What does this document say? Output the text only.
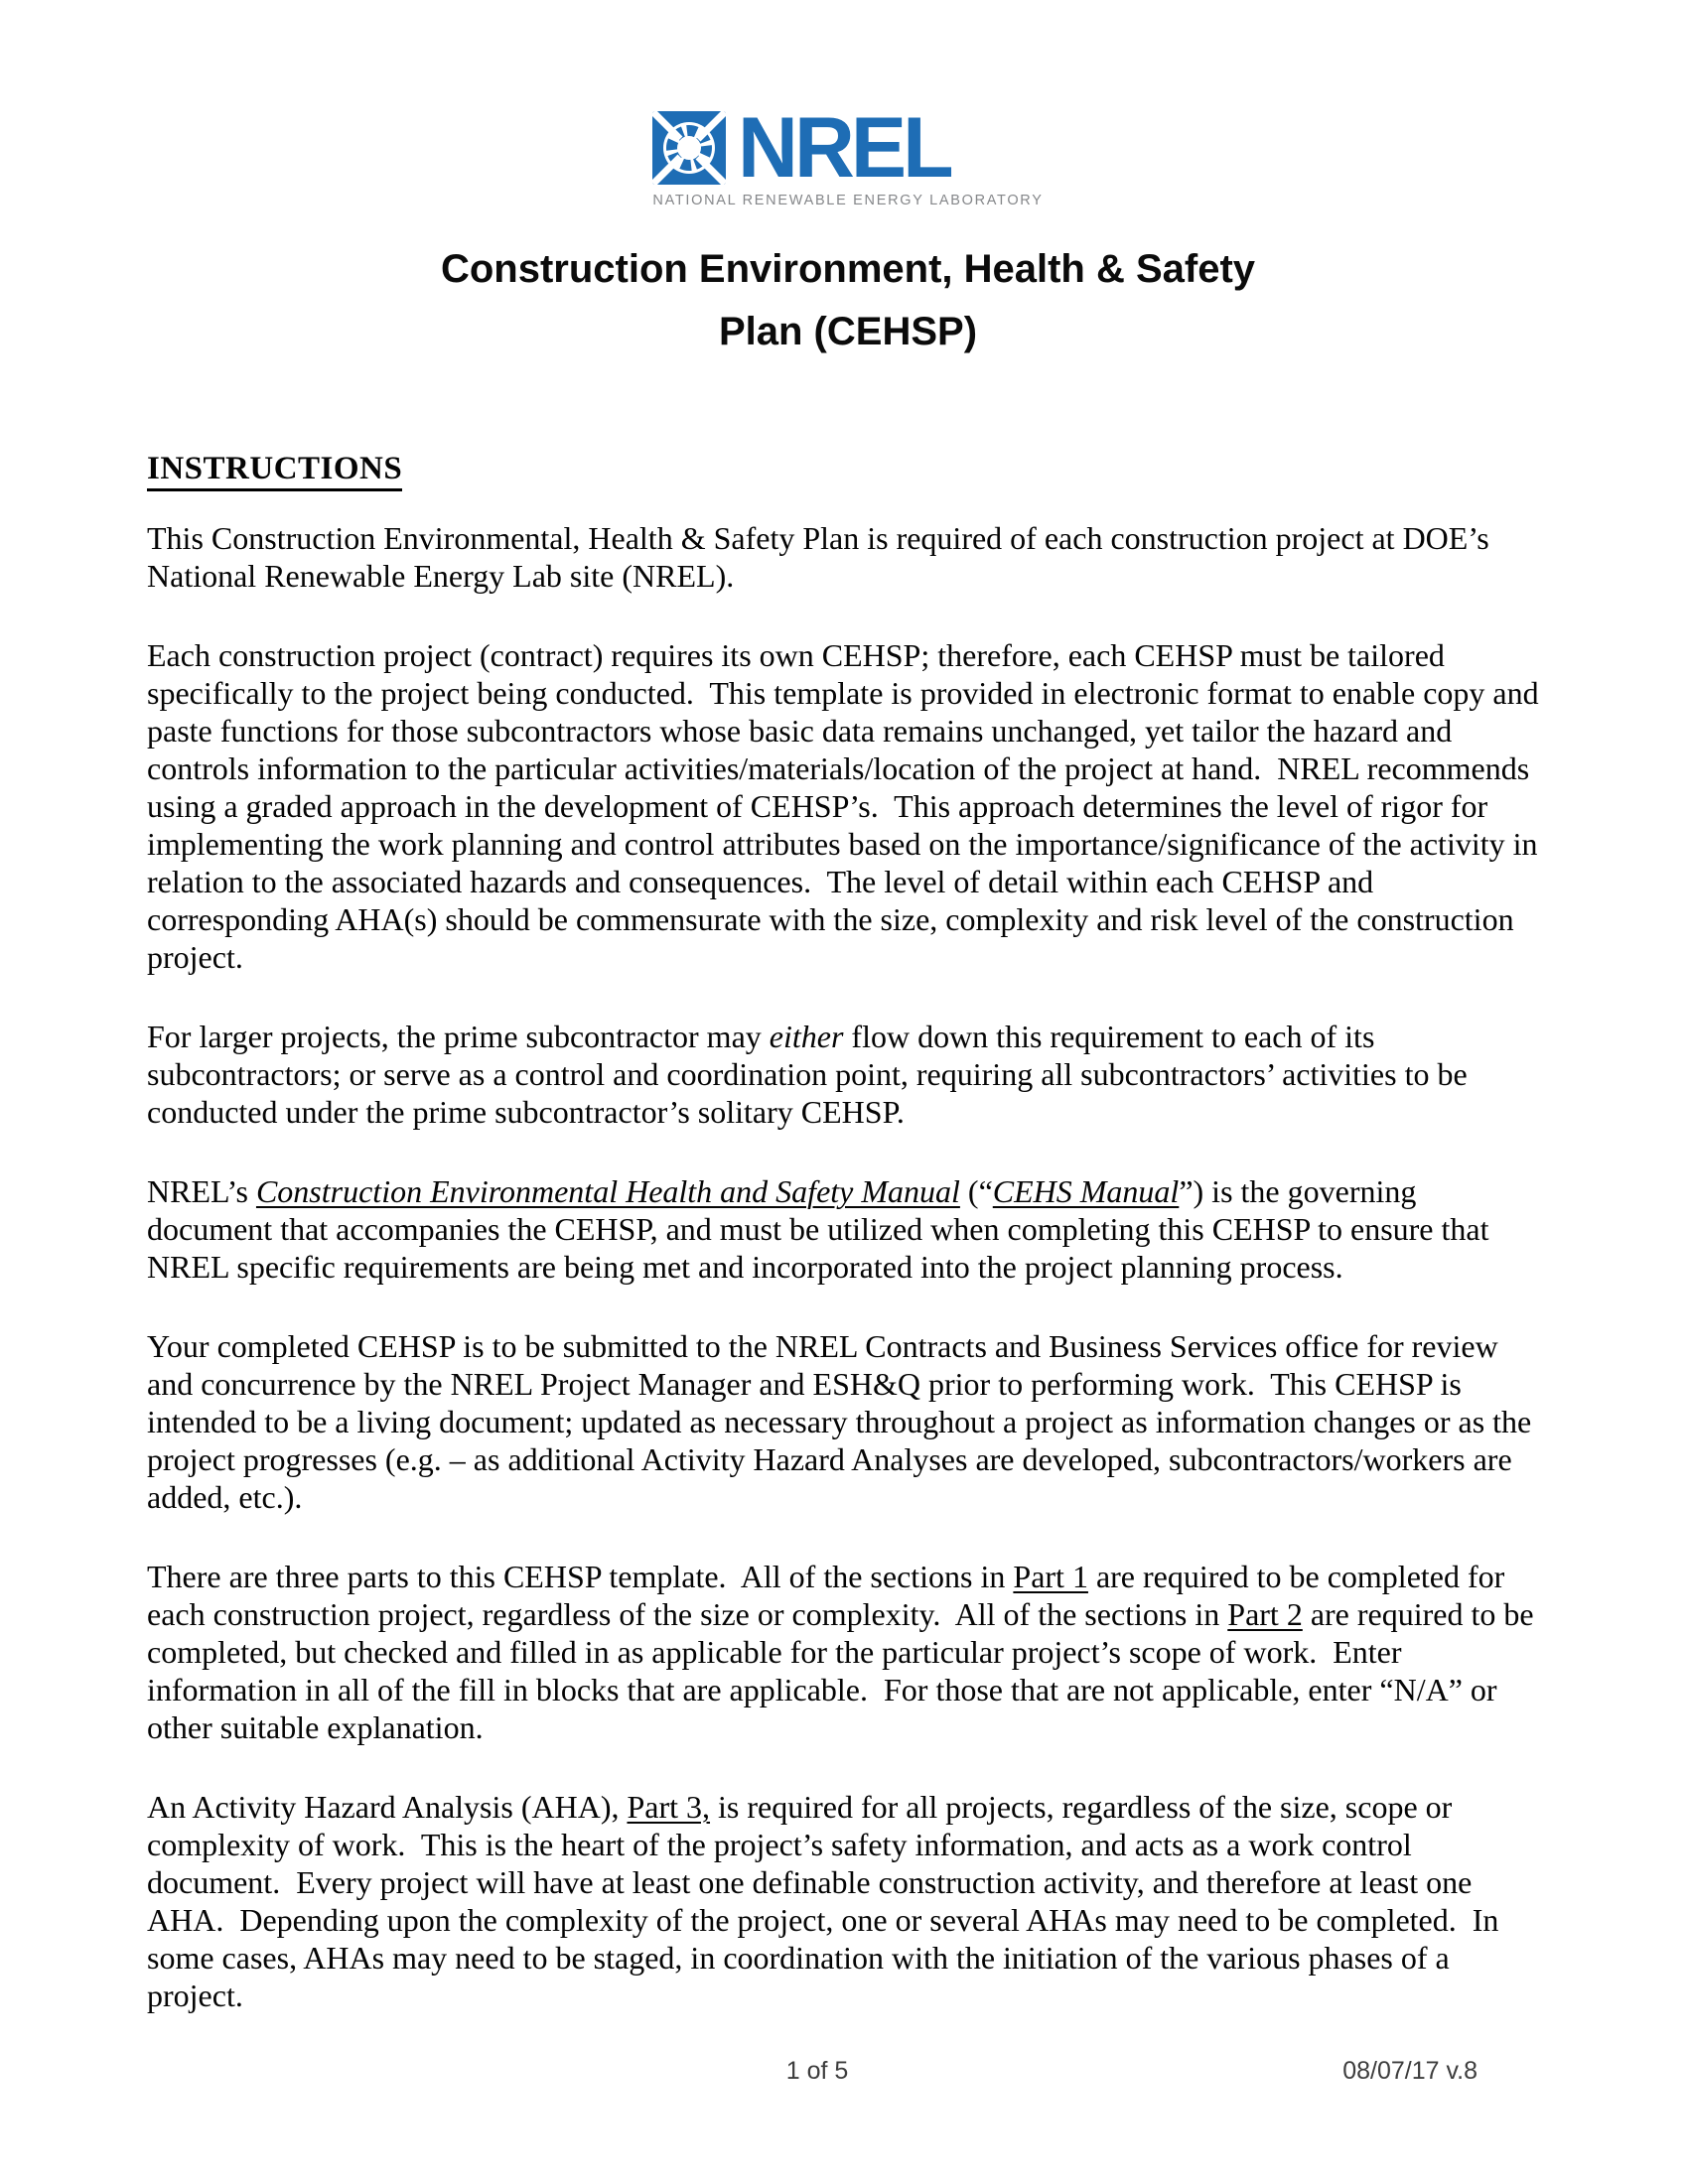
NREL
NATIONAL RENEWABLE ENERGY LABORATORY
Construction Environment, Health & Safety
Plan (CEHSP)
INSTRUCTIONS

This Construction Environmental, Health & Safety Plan is required of each construction project at DOE’s National Renewable Energy Lab site (NREL).

Each construction project (contract) requires its own CEHSP; therefore, each CEHSP must be tailored specifically to the project being conducted.  This template is provided in electronic format to enable copy and paste functions for those subcontractors whose basic data remains unchanged, yet tailor the hazard and controls information to the particular activities/materials/location of the project at hand.  NREL recommends using a graded approach in the development of CEHSP’s.  This approach determines the level of rigor for implementing the work planning and control attributes based on the importance/significance of the activity in relation to the associated hazards and consequences.  The level of detail within each CEHSP and corresponding AHA(s) should be commensurate with the size, complexity and risk level of the construction project.

For larger projects, the prime subcontractor may either flow down this requirement to each of its subcontractors; or serve as a control and coordination point, requiring all subcontractors’ activities to be conducted under the prime subcontractor’s solitary CEHSP.

NREL’s Construction Environmental Health and Safety Manual (“CEHS Manual”) is the governing document that accompanies the CEHSP, and must be utilized when completing this CEHSP to ensure that NREL specific requirements are being met and incorporated into the project planning process.

Your completed CEHSP is to be submitted to the NREL Contracts and Business Services office for review and concurrence by the NREL Project Manager and ESH&Q prior to performing work.  This CEHSP is intended to be a living document; updated as necessary throughout a project as information changes or as the project progresses (e.g. – as additional Activity Hazard Analyses are developed, subcontractors/workers are added, etc.).

There are three parts to this CEHSP template.  All of the sections in Part 1 are required to be completed for each construction project, regardless of the size or complexity.  All of the sections in Part 2 are required to be completed, but checked and filled in as applicable for the particular project’s scope of work.  Enter information in all of the fill in blocks that are applicable.  For those that are not applicable, enter “N/A” or other suitable explanation.

An Activity Hazard Analysis (AHA), Part 3, is required for all projects, regardless of the size, scope or complexity of work.  This is the heart of the project’s safety information, and acts as a work control document.  Every project will have at least one definable construction activity, and therefore at least one AHA.  Depending upon the complexity of the project, one or several AHAs may need to be completed.  In some cases, AHAs may need to be staged, in coordination with the initiation of the various phases of a project.

1 of 5	08/07/17 v.8
